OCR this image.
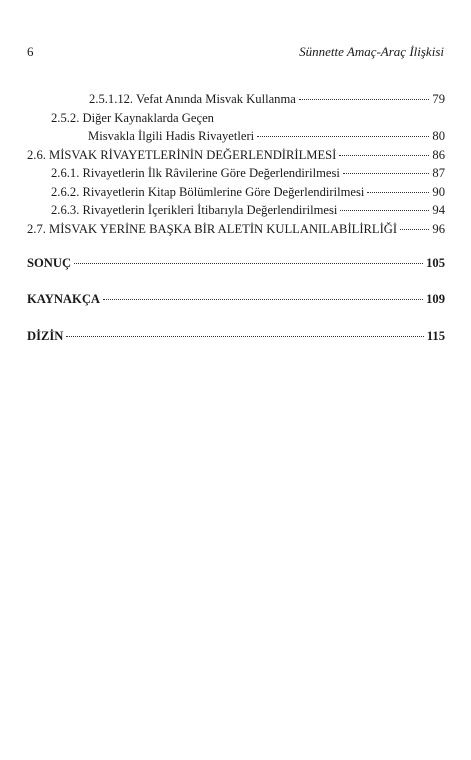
6	Sünnette Amaç-Araç İlişkisi
2.5.1.12. Vefat Anında Misvak Kullanma	79
2.5.2. Diğer Kaynaklarda Geçen
Misvakla İlgili Hadis Rivayetleri	80
2.6. MİSVAK RİVAYETLERİNİN DEĞERLENDİRİLMESİ	86
2.6.1. Rivayetlerin İlk Râvilerine Göre Değerlendirilmesi	87
2.6.2. Rivayetlerin Kitap Bölümlerine Göre Değerlendirilmesi	90
2.6.3. Rivayetlerin İçerikleri İtibarıyla Değerlendirilmesi	94
2.7. MİSVAK YERİNE BAŞKA BİR ALETİN KULLANILABİLİRLİĞİ	96
SONUÇ	105
KAYNAKÇA	109
DİZİN	115
